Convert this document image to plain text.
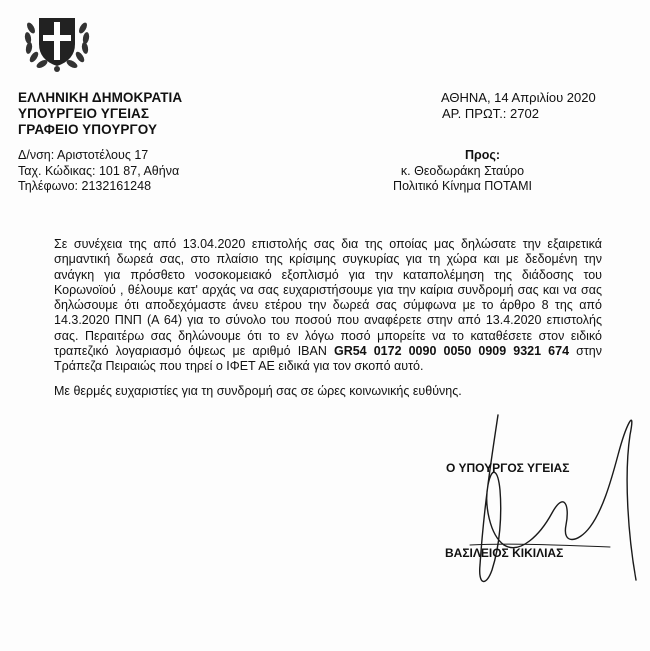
ΕΛΛΗΝΙΚΗ ΔΗΜΟΚΡΑΤΙΑ
ΥΠΟΥΡΓΕΙΟ ΥΓΕΙΑΣ
ΓΡΑΦΕΙΟ ΥΠΟΥΡΓΟΥ
ΑΘΗΝΑ, 14 Απριλίου 2020
ΑΡ. ΠΡΩΤ.: 2702
Δ/νση: Αριστοτέλους 17
Ταχ. Κώδικας: 101 87, Αθήνα
Τηλέφωνο: 2132161248
Προς:
κ. Θεοδωράκη Σταύρο
Πολιτικό Κίνημα ΠΟΤΑΜΙ
Σε συνέχεια της από 13.04.2020 επιστολής σας δια της οποίας μας δηλώσατε την εξαιρετικά σημαντική δωρεά σας, στο πλαίσιο της κρίσιμης συγκυρίας για τη χώρα και με δεδομένη την ανάγκη για πρόσθετο νοσοκομειακό εξοπλισμό για την καταπολέμηση της διάδοσης του Κορωνοϊού , θέλουμε κατ' αρχάς να σας ευχαριστήσουμε για την καίρια συνδρομή σας και να σας δηλώσουμε ότι αποδεχόμαστε άνευ ετέρου την δωρεά σας σύμφωνα με το άρθρο 8 της από 14.3.2020 ΠΝΠ (Α 64) για το σύνολο του ποσού που αναφέρετε στην από 13.4.2020 επιστολής σας. Περαιτέρω σας δηλώνουμε ότι το εν λόγω ποσό μπορείτε να το καταθέσετε στον ειδικό τραπεζικό λογαριασμό όψεως με αριθμό IBAN GR54 0172 0090 0050 0909 9321 674 στην Τράπεζα Πειραιώς που τηρεί ο ΙΦΕΤ ΑΕ ειδικά για τον σκοπό αυτό.
Με θερμές ευχαριστίες για τη συνδρομή σας σε ώρες κοινωνικής ευθύνης.
Ο ΥΠΟΥΡΓΟΣ ΥΓΕΙΑΣ
ΒΑΣΙΛΕΙΟΣ ΚΙΚΙΛΙΑΣ
